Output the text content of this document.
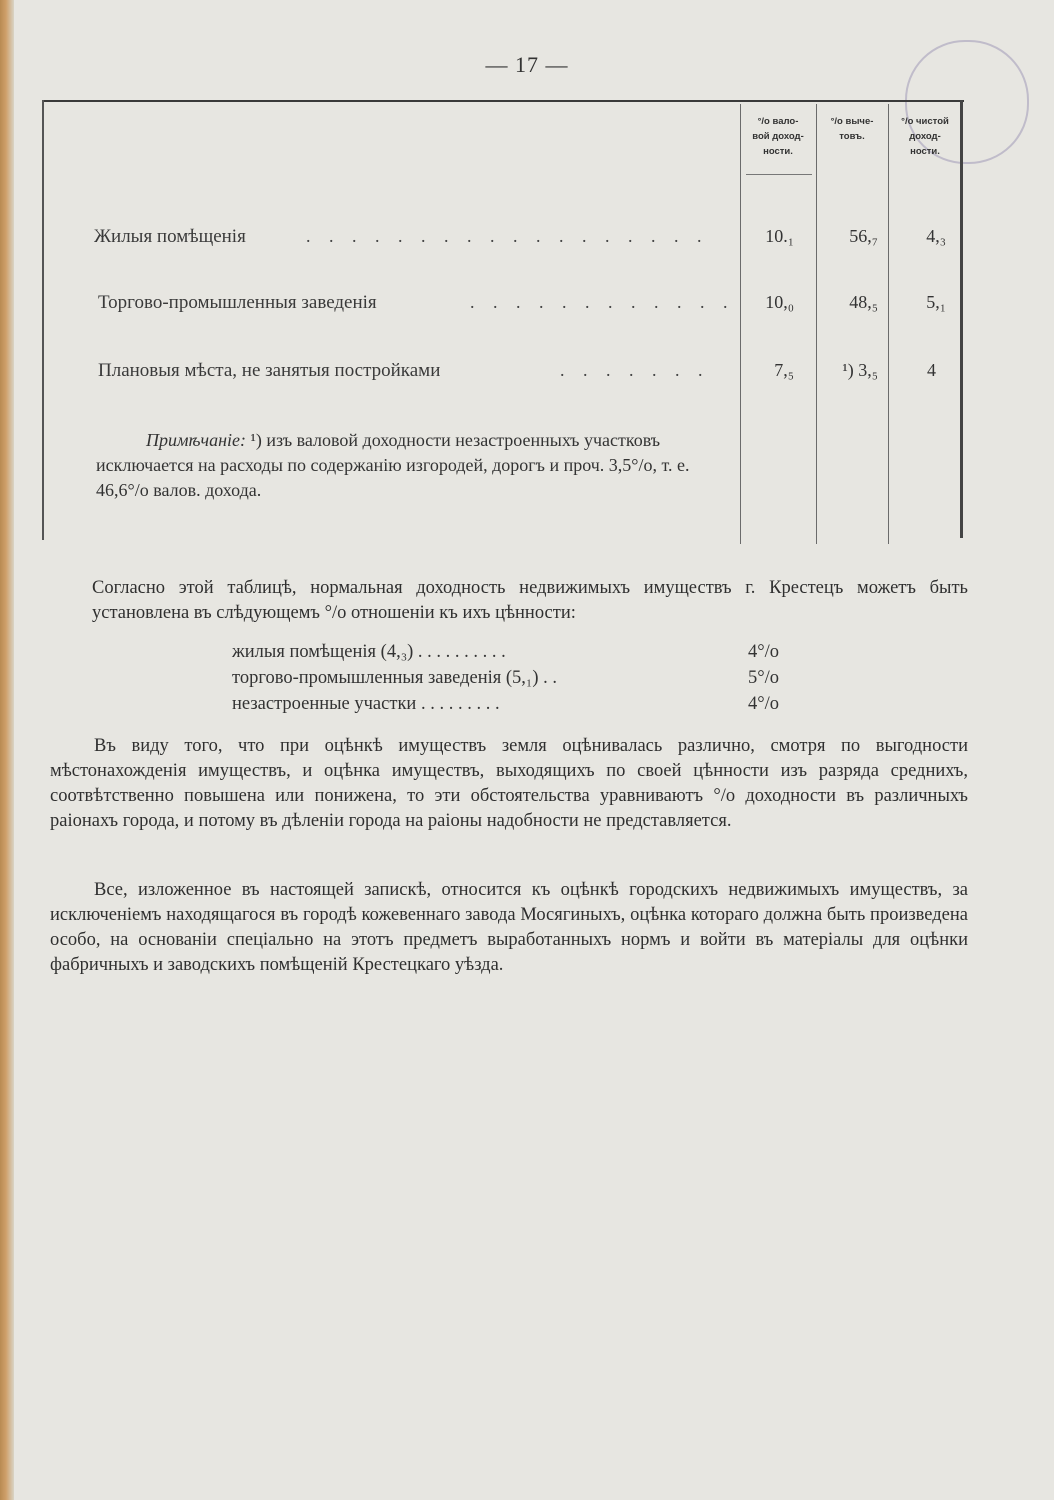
— 17 —
°/о вало-
вой доход-
ности.
°/о выче-
товъ.
°/о чистой
доход-
ности.
Жилыя помѣщенія	. . . . . . . . . . . . . . . . . .	10.₁	56,₇	4,₃
Торгово-промышленныя заведенія	. . . . . . . . . . . .	10,₀	48,₅	5,₁
Плановыя мѣста, не занятыя постройками	. . . . . . .	7,₅	¹) 3,₅	4
Примѣчаніе: ¹) изъ валовой доходности незастроенныхъ участковъ исключается на расходы по содержанію изгородей, дорогъ и проч. 3,5°/о, т. е. 46,6°/о валов. дохода.
Согласно этой таблицѣ, нормальная доходность недвижимыхъ имуществъ г. Крестецъ можетъ быть установлена въ слѣдующемъ °/о отношеніи къ ихъ цѣнности:
жилыя помѣщенія (4,₃) . . . . . . . . . .	4°/о
торгово-промышленныя заведенія (5,₁) . .	5°/о
незастроенные участки . . . . . . . . .	4°/о
Въ виду того, что при оцѣнкѣ имуществъ земля оцѣнивалась различно, смотря по выгодности мѣстонахожденія имуществъ, и оцѣнка имуществъ, выходящихъ по своей цѣнности изъ разряда среднихъ, соотвѣтственно повышена или понижена, то эти обстоятельства уравниваютъ °/о доходности въ различныхъ раіонахъ города, и потому въ дѣленіи города на раіоны надобности не представляется.
Все, изложенное въ настоящей запискѣ, относится къ оцѣнкѣ городскихъ недвижимыхъ имуществъ, за исключеніемъ находящагося въ городѣ кожевеннаго завода Мосягиныхъ, оцѣнка котораго должна быть произведена особо, на основаніи спеціально на этотъ предметъ выработанныхъ нормъ и войти въ матеріалы для оцѣнки фабричныхъ и заводскихъ помѣщеній Крестецкаго уѣзда.
